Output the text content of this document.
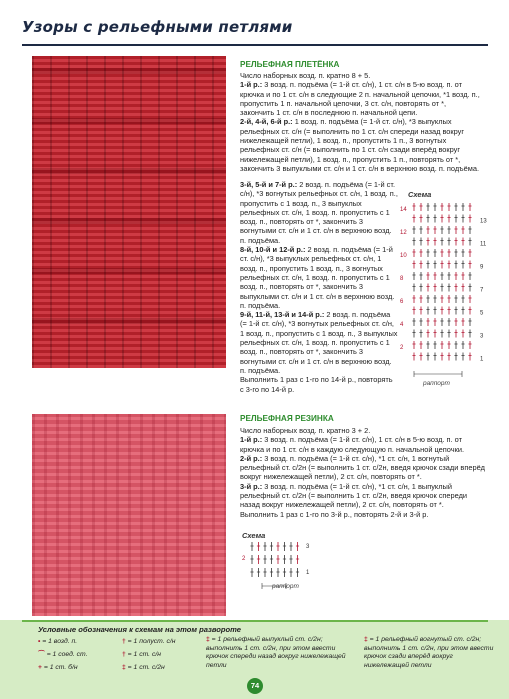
Узоры с рельефными петлями
РЕЛЬЕФНАЯ ПЛЕТЁНКА

Число наборных возд. п. кратно 8 + 5.

1-й р.: 3 возд. п. подъёма (= 1-й ст. с/н), 1 ст. с/н в 5-ю возд. п. от крючка и по 1 ст. с/н в следующие 2 п. начальной цепочки, *1 возд. п., пропустить 1 п. начальной цепочки, 3 ст. с/н, повторять от *, закончить 1 ст. с/н в последнюю п. начальной цепи.

2-й, 4-й, 6-й р.: 1 возд. п. подъёма (= 1-й ст. с/н), *3 выпуклых рельефных ст. с/н (= выполнить по 1 ст. с/н спереди назад вокруг нижележащей петли), 1 возд. п., пропустить 1 п., 3 вогнутых рельефных ст. с/н (= выполнить по 1 ст. с/н сзади вперёд вокруг нижележащей петли), 1 возд. п., пропустить 1 п., повторять от *, закончить 3 выпуклыми ст. с/н и 1 ст. с/н в верхнюю возд. п. подъёма.

3-й, 5-й и 7-й р.: 2 возд. п. подъёма (= 1-й ст. с/н), *3 вогнутых рельефных ст. с/н, 1 возд. п., пропустить с 1 возд. п., 3 выпуклых рельефных ст. с/н, 1 возд. п. пропустить с 1 возд. п., повторять от *, закончить 3 вогнутыми ст. с/н и 1 ст. с/н в верхнюю возд. п. подъёма.

8-й, 10-й и 12-й р.: 2 возд. п. подъёма (= 1-й ст. с/н), *3 выпуклых рельефных ст. с/н, 1 возд. п., пропустить 1 возд. п., 3 вогнутых рельефных ст. с/н, 1 возд. п. пропустить с 1 возд. п., повторять от *, закончить 3 выпуклыми ст. с/н и 1 ст. с/н в верхнюю возд. п. подъёма.

9-й, 11-й, 13-й и 14-й р.: 2 возд. п. подъёма (= 1-й ст. с/н), *3 вогнутых рельефных ст. с/н, 1 возд. п., пропустить с 1 возд. п., 3 выпуклых рельефных ст. с/н, 1 возд. п. пропустить с 1 возд. п., повторять от *, закончить 3 вогнутыми ст. с/н и 1 ст. с/н в верхнюю возд. п. подъёма.

Выполнить 1 раз с 1-го по 14-й р., повторять с 3-го по 14-й р.

Схема
14
13
12
11
10
9
8
7
6
5
4
3
2
1
раппорт
РЕЛЬЕФНАЯ РЕЗИНКА

Число наборных возд. п. кратно 3 + 2.

1-й р.: 3 возд. п. подъёма (= 1-й ст. с/н), 1 ст. с/н в 5-ю возд. п. от крючка и по 1 ст. с/н в каждую следующую п. начальной цепочки.

2-й р.: 3 возд. п. подъёма (= 1-й ст. с/н), *1 ст. с/н, 1 вогнутый рельефный ст. с/2н (= выполнить 1 ст. с/2н, введя крючок сзади вперёд вокруг нижележащей петли), 2 ст. с/н, повторять от *.

3-й р.: 3 возд. п. подъёма (= 1-й ст. с/н), *1 ст. с/н, 1 выпуклый рельефный ст. с/2н (= выполнить 1 ст. с/2н, введя крючок спереди назад вокруг нижележащей петли), 2 ст. с/н, повторять от *.

Выполнить 1 раз с 1-го по 3-й р., повторять 2-й и 3-й р.

Схема
2
3
1
раппорт
Условные обозначения к схемам на этом развороте
• = 1 возд. п.
⌒ = 1 соед. ст.
+ = 1 ст. б/н
† = 1 полуст. с/н
† = 1 ст. с/н
‡ = 1 ст. с/2н
‡ = 1 рельефный выпуклый ст. с/2н; выполнить 1 ст. с/2н, при этом ввести крючок спереди назад вокруг нижележащей петли
‡ = 1 рельефный вогнутый ст. с/2н; выполнить 1 ст. с/2н, при этом ввести крючок сзади вперёд вокруг нижележащей петли
74
